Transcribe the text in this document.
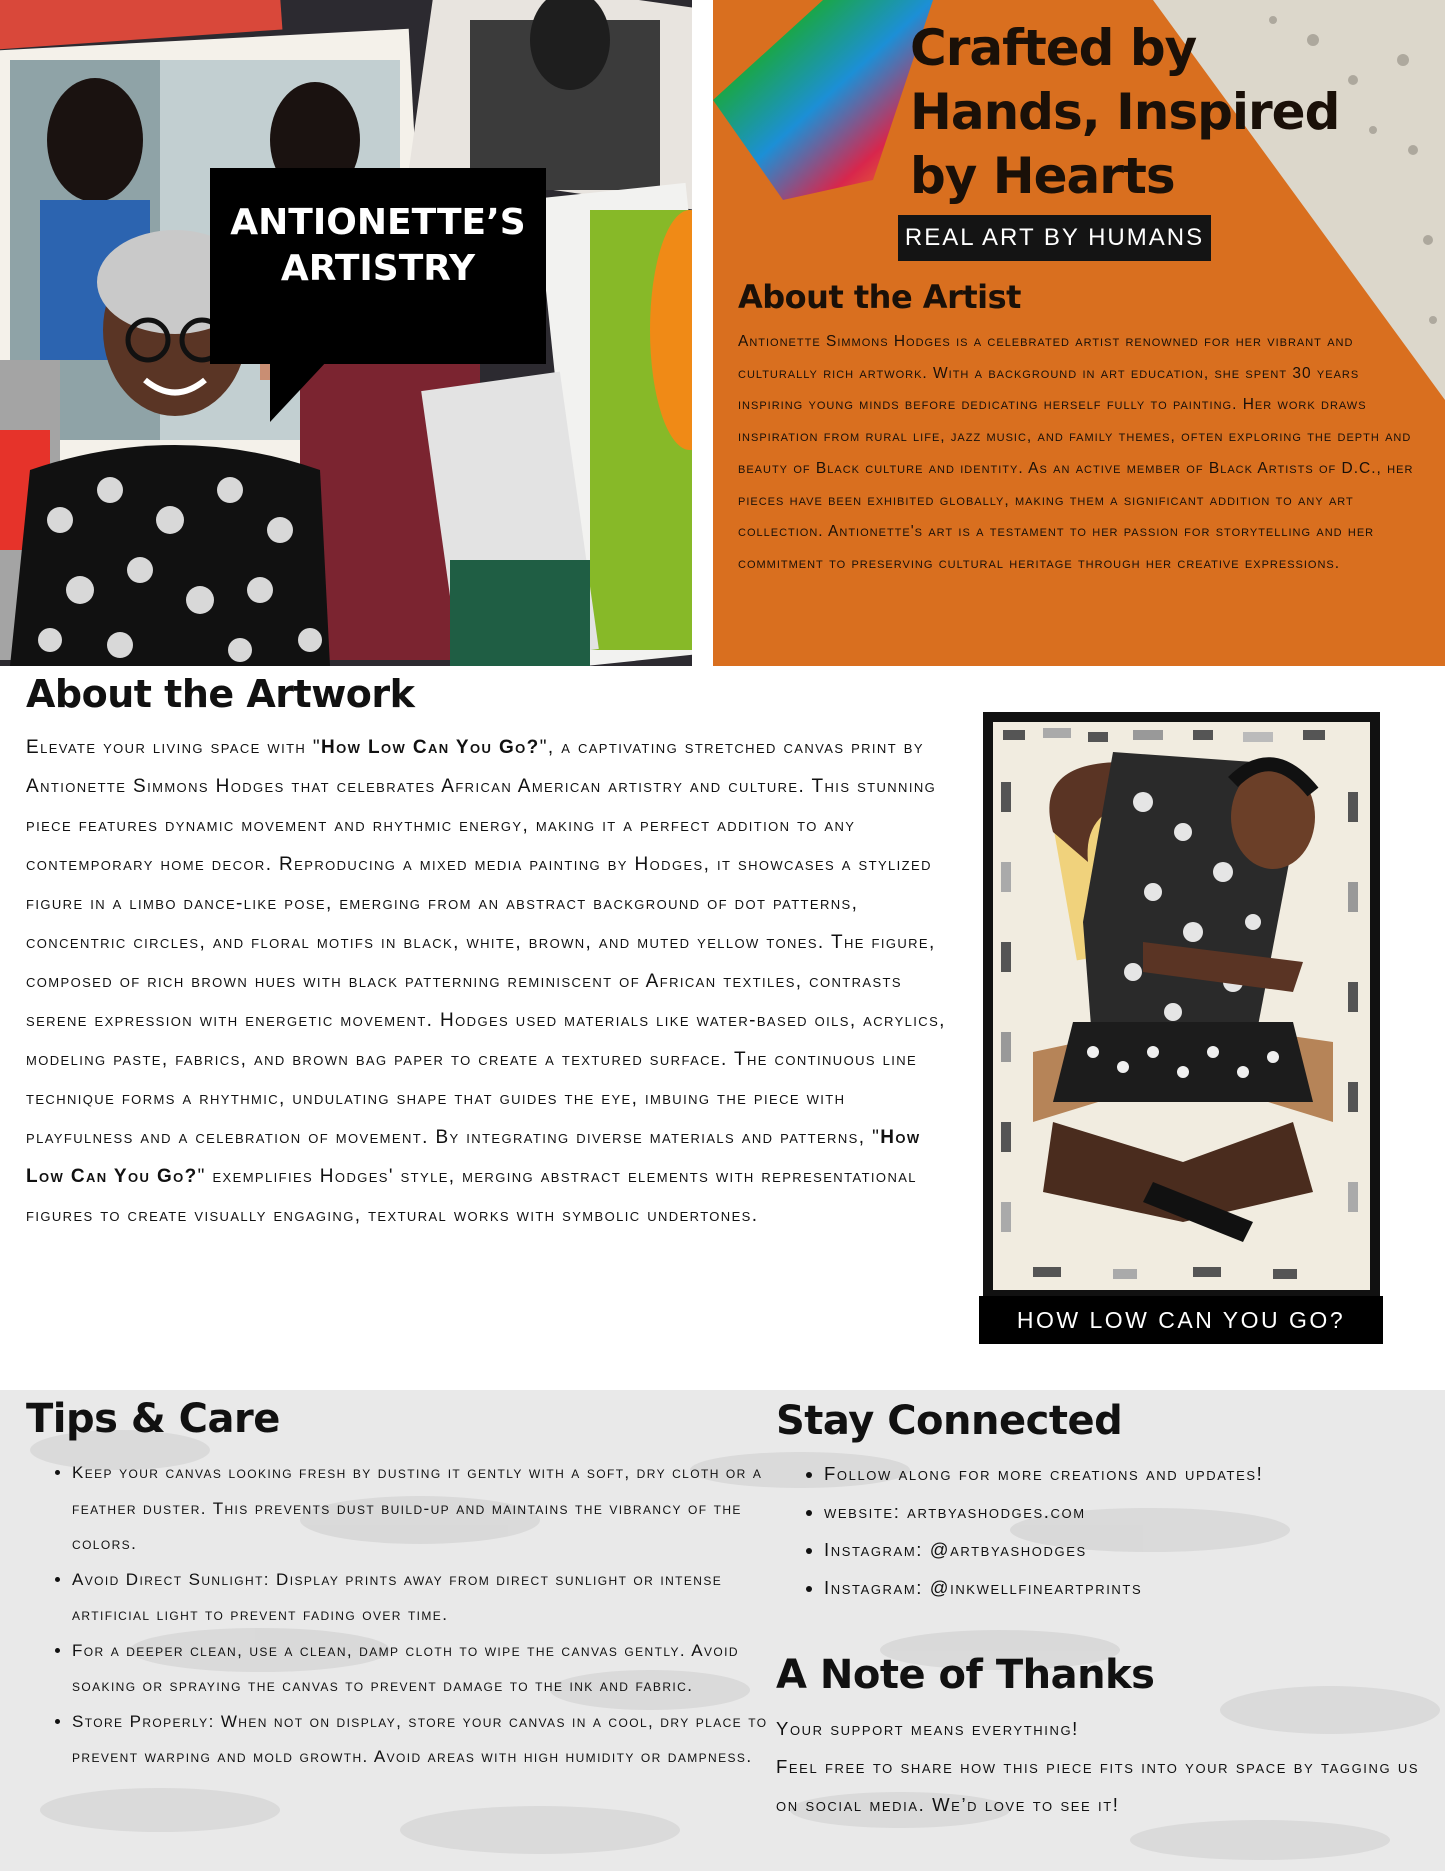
ANTIONETTE’S
ARTISTRY
Crafted by
Hands, Inspired
by Hearts
REAL ART BY HUMANS
About the Artist
Antionette Simmons Hodges is a celebrated artist renowned for her vibrant and culturally rich artwork. With a background in art education, she spent 30 years inspiring young minds before dedicating herself fully to painting. Her work draws inspiration from rural life, jazz music, and family themes, often exploring the depth and beauty of Black culture and identity. As an active member of Black Artists of D.C., her pieces have been exhibited globally, making them a significant addition to any art collection. Antionette's art is a testament to her passion for storytelling and her commitment to preserving cultural heritage through her creative expressions.
About the Artwork
Elevate your living space with "How Low Can You Go?", a captivating stretched canvas print by Antionette Simmons Hodges that celebrates African American artistry and culture. This stunning piece features dynamic movement and rhythmic energy, making it a perfect addition to any contemporary home decor. Reproducing a mixed media painting by Hodges, it showcases a stylized figure in a limbo dance-like pose, emerging from an abstract background of dot patterns, concentric circles, and floral motifs in black, white, brown, and muted yellow tones. The figure, composed of rich brown hues with black patterning reminiscent of African textiles, contrasts serene expression with energetic movement. Hodges used materials like water-based oils, acrylics, modeling paste, fabrics, and brown bag paper to create a textured surface. The continuous line technique forms a rhythmic, undulating shape that guides the eye, imbuing the piece with playfulness and a celebration of movement. By integrating diverse materials and patterns, "How Low Can You Go?" exemplifies Hodges' style, merging abstract elements with representational figures to create visually engaging, textural works with symbolic undertones.
HOW LOW CAN YOU GO? (2024)
Tips & Care
• Keep your canvas looking fresh by dusting it gently with a soft, dry cloth or a feather duster. This prevents dust build-up and maintains the vibrancy of the colors.
• Avoid Direct Sunlight: Display prints away from direct sunlight or intense artificial light to prevent fading over time.
• For a deeper clean, use a clean, damp cloth to wipe the canvas gently. Avoid soaking or spraying the canvas to prevent damage to the ink and fabric.
• Store Properly: When not on display, store your canvas in a cool, dry place to prevent warping and mold growth. Avoid areas with high humidity or dampness.
Stay Connected
• Follow along for more creations and updates!
• website: artbyashodges.com
• Instagram: @artbyashodges
• Instagram: @inkwellfineartprints
A Note of Thanks
Your support means everything!
Feel free to share how this piece fits into your space by tagging us on social media. We’d love to see it!
